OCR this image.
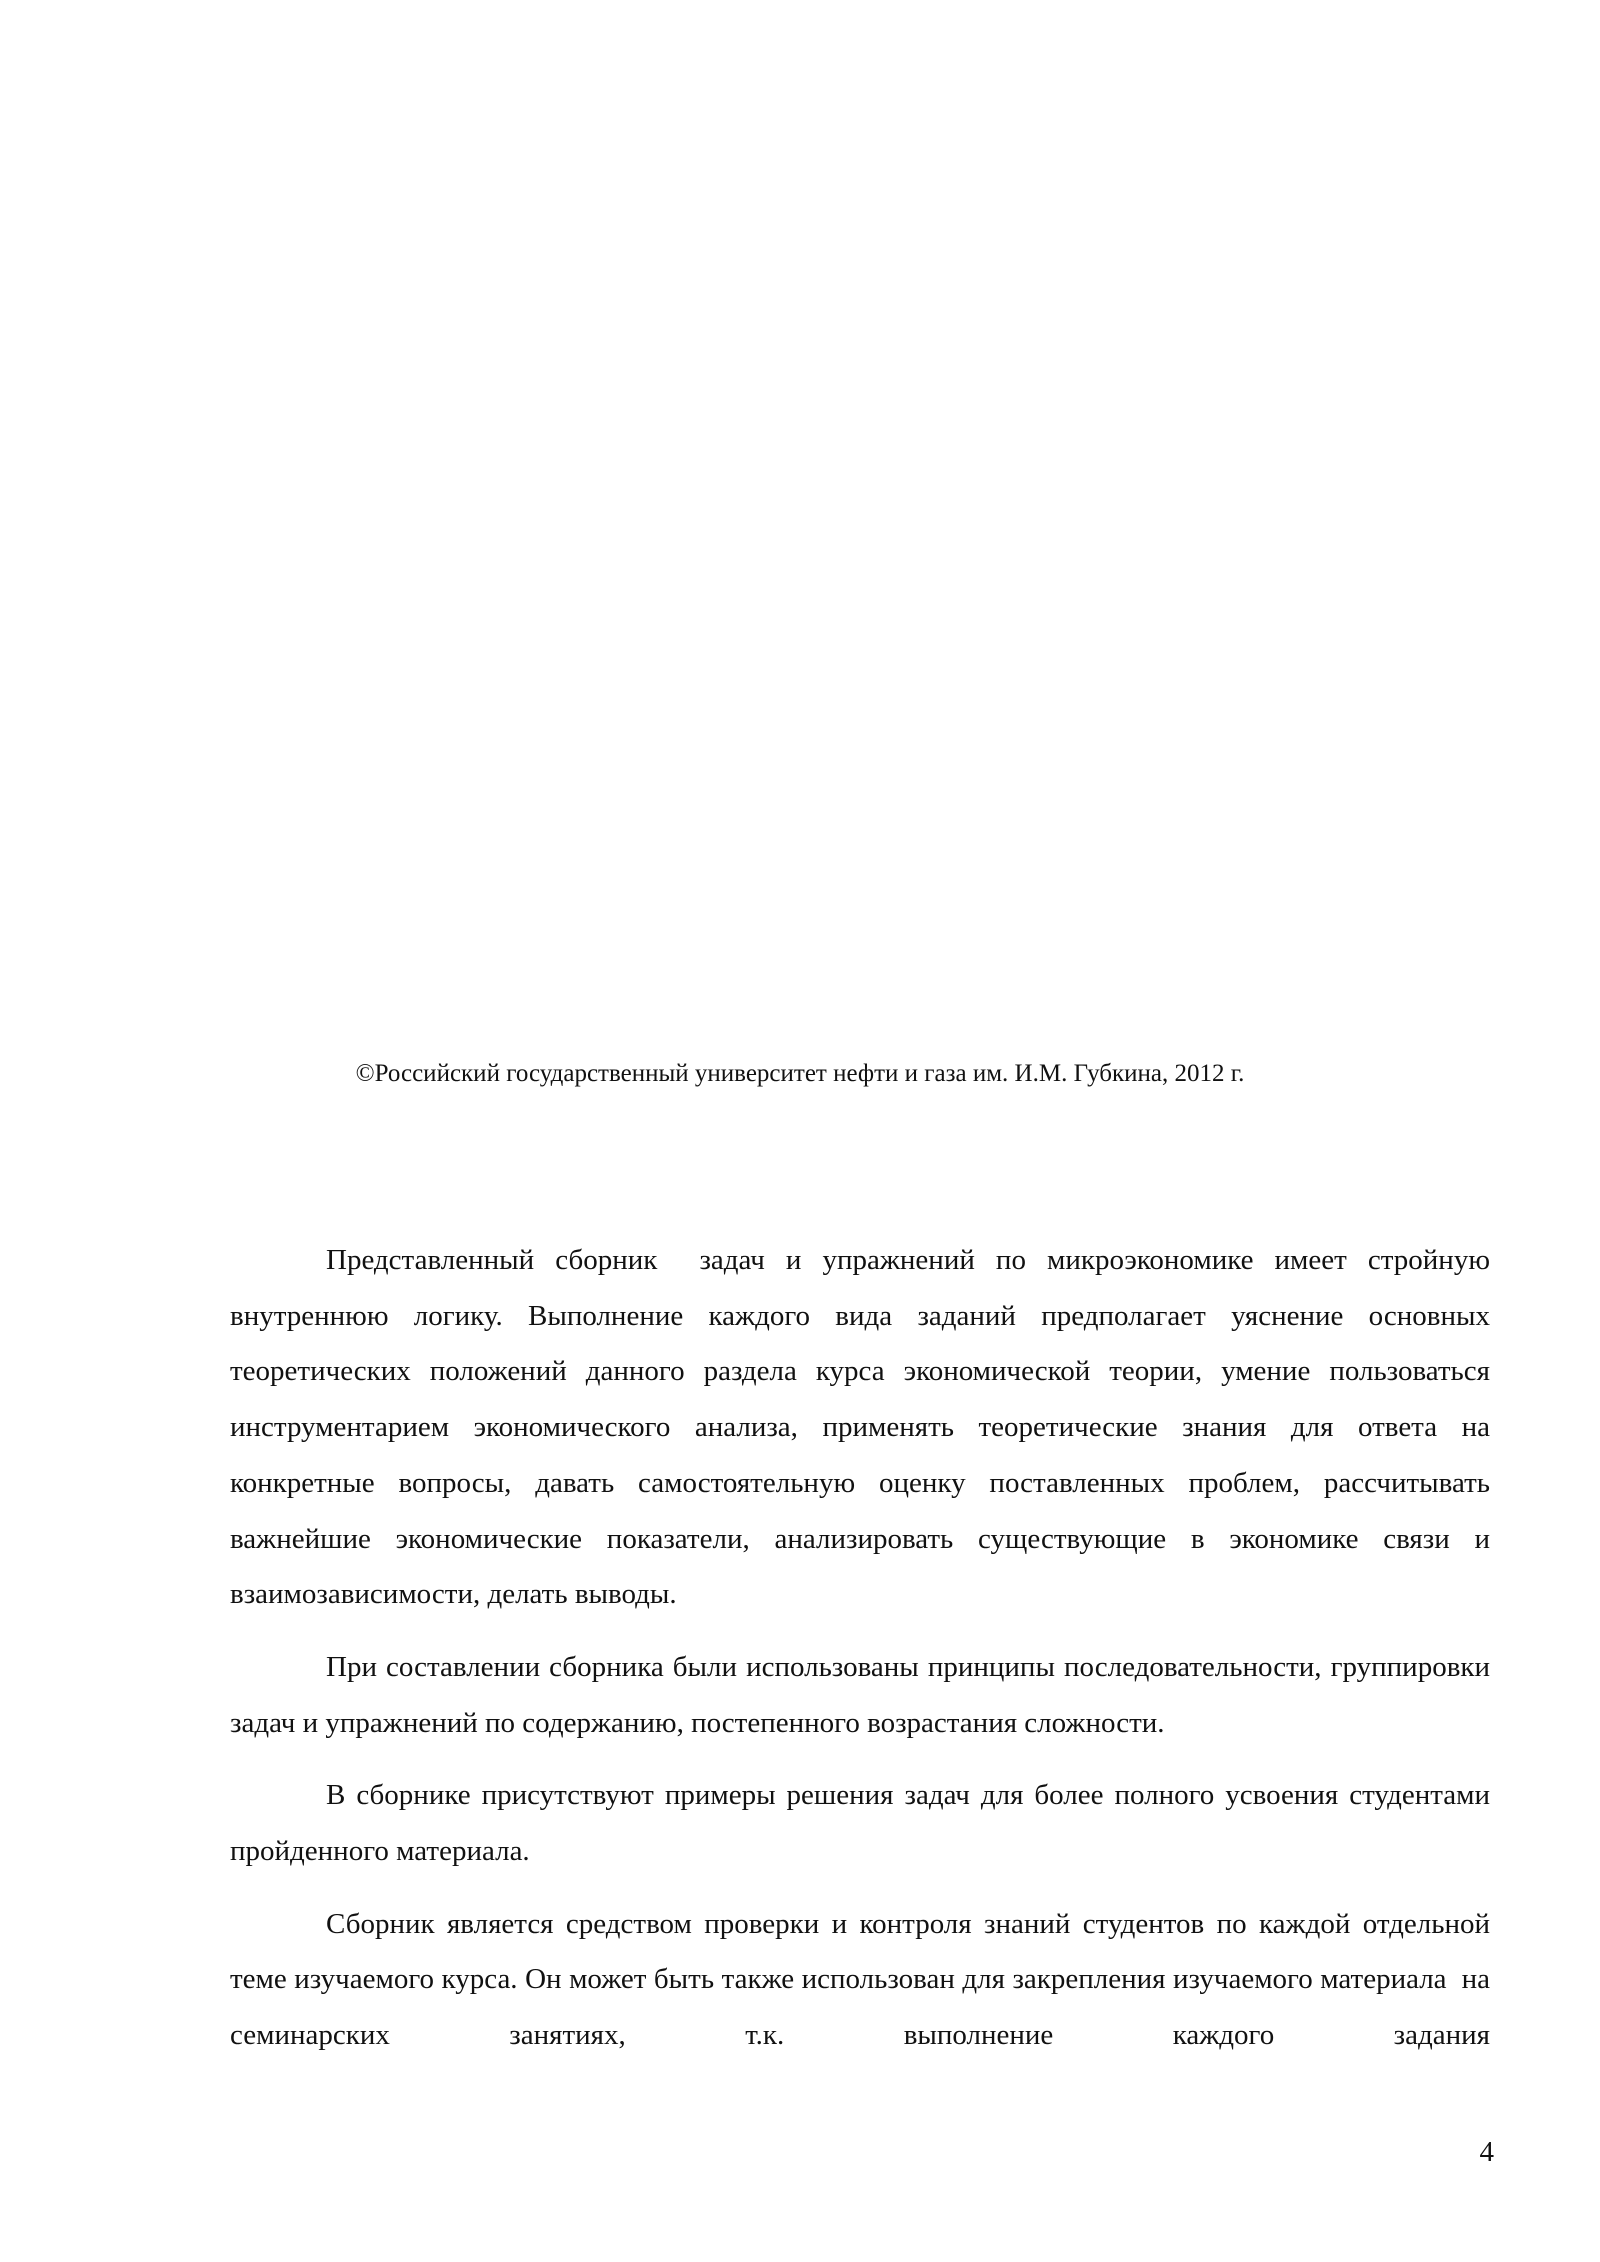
©Российский государственный университет нефти и газа им. И.М. Губкина, 2012 г.

Представленный сборник  задач и упражнений по микроэкономике имеет стройную внутреннюю логику. Выполнение каждого вида заданий предполагает уяснение основных теоретических положений данного раздела курса экономической теории, умение пользоваться инструментарием экономического анализа, применять теоретические знания для ответа на конкретные вопросы, давать самостоятельную оценку поставленных проблем, рассчитывать важнейшие экономические показатели, анализировать существующие в экономике связи и взаимозависимости, делать выводы.

При составлении сборника были использованы принципы последовательности, группировки задач и упражнений по содержанию, постепенного возрастания сложности.

В сборнике присутствуют примеры решения задач для более полного усвоения студентами пройденного материала.

Сборник является средством проверки и контроля знаний студентов по каждой отдельной теме изучаемого курса. Он может быть также использован для закрепления изучаемого материала  на семинарских занятиях, т.к. выполнение каждого задания

4
